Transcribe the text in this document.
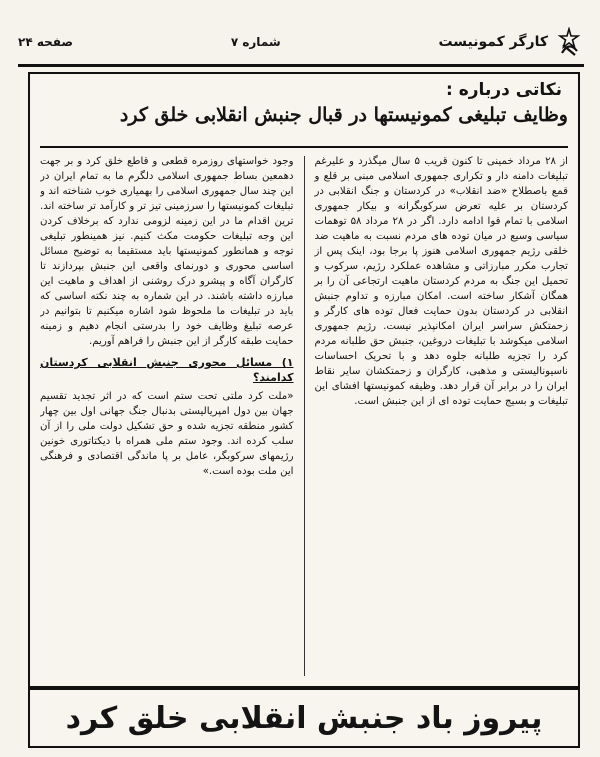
کارگر کمونیست
شماره ۷
صفحه ۲۴
نکاتی درباره :
وظایف تبلیغی کمونیستها در قبال جنبش انقلابی خلق کرد

از ۲۸ مرداد خمینی تا کنون قریب ۵ سال میگذرد و علیرغم تبلیغات دامنه دار و تکراری جمهوری اسلامی مبنی بر قلع و قمع باصطلاح «ضد انقلاب» در کردستان و جنگ انقلابی در کردستان بر علیه تعرض سرکوبگرانه و بیکار جمهوری اسلامی با تمام قوا ادامه دارد. اگر در ۲۸ مرداد ۵۸ توهمات سیاسی وسیع در میان توده های مردم نسبت به ماهیت ضد خلقی رژیم جمهوری اسلامی هنوز پا برجا بود، اینک پس از تجارب مکرر مبارزاتی و مشاهده عملکرد رژیم، سرکوب و تحمیل این جنگ به مردم کردستان ماهیت ارتجاعی آن را بر همگان آشکار ساخته است. امکان مبارزه و تداوم جنبش انقلابی در کردستان بدون حمایت فعال توده های کارگر و زحمتکش سراسر ایران امکانپذیر نیست. رژیم جمهوری اسلامی میکوشد با تبلیغات دروغین، جنبش حق طلبانه مردم کرد را تجزیه طلبانه جلوه دهد و با تحریک احساسات ناسیونالیستی و مذهبی، کارگران و زحمتکشان سایر نقاط ایران را در برابر آن قرار دهد. وظیفه کمونیستها افشای این تبلیغات و بسیج حمایت توده ای از این جنبش است.

وجود خواستهای روزمره قطعی و قاطع خلق کرد و بر جهت دهمعین بساط جمهوری اسلامی دلگرم ما به تمام ایران در این چند سال جمهوری اسلامی را بهمیاری خوب شناخته اند و تبلیغات کمونیستها را سرزمینی تیز تر و کارآمد تر ساخته اند. ترین اقدام ما در این زمینه لزومی ندارد که برخلاف کردن این وجه تبلیغات حکومت مکث کنیم. نیز همینطور تبلیغی توجه و همانطور کمونیستها باید مستقیما به توضیح مسائل اساسی محوری و دورنمای واقعی این جنبش بپردازند تا کارگران آگاه و پیشرو درک روشنی از اهداف و ماهیت این مبارزه داشته باشند. در این شماره به چند نکته اساسی که باید در تبلیغات ما ملحوظ شود اشاره میکنیم تا بتوانیم در عرصه تبلیغ وظایف خود را بدرستی انجام دهیم و زمینه حمایت طبقه کارگر از این جنبش را فراهم آوریم.

۱) مسائل محوری جنبش انقلابی کردستان کدامند؟

«ملت کرد ملتی تحت ستم است که در اثر تجدید تقسیم جهان بین دول امپریالیستی بدنبال جنگ جهانی اول بین چهار کشور منطقه تجزیه شده و حق تشکیل دولت ملی را از آن سلب کرده اند. وجود ستم ملی همراه با دیکتاتوری خونین رژیمهای سرکوبگر، عامل بر پا ماندگی اقتصادی و فرهنگی این ملت بوده است.»

پیروز باد جنبش انقلابی خلق کرد
